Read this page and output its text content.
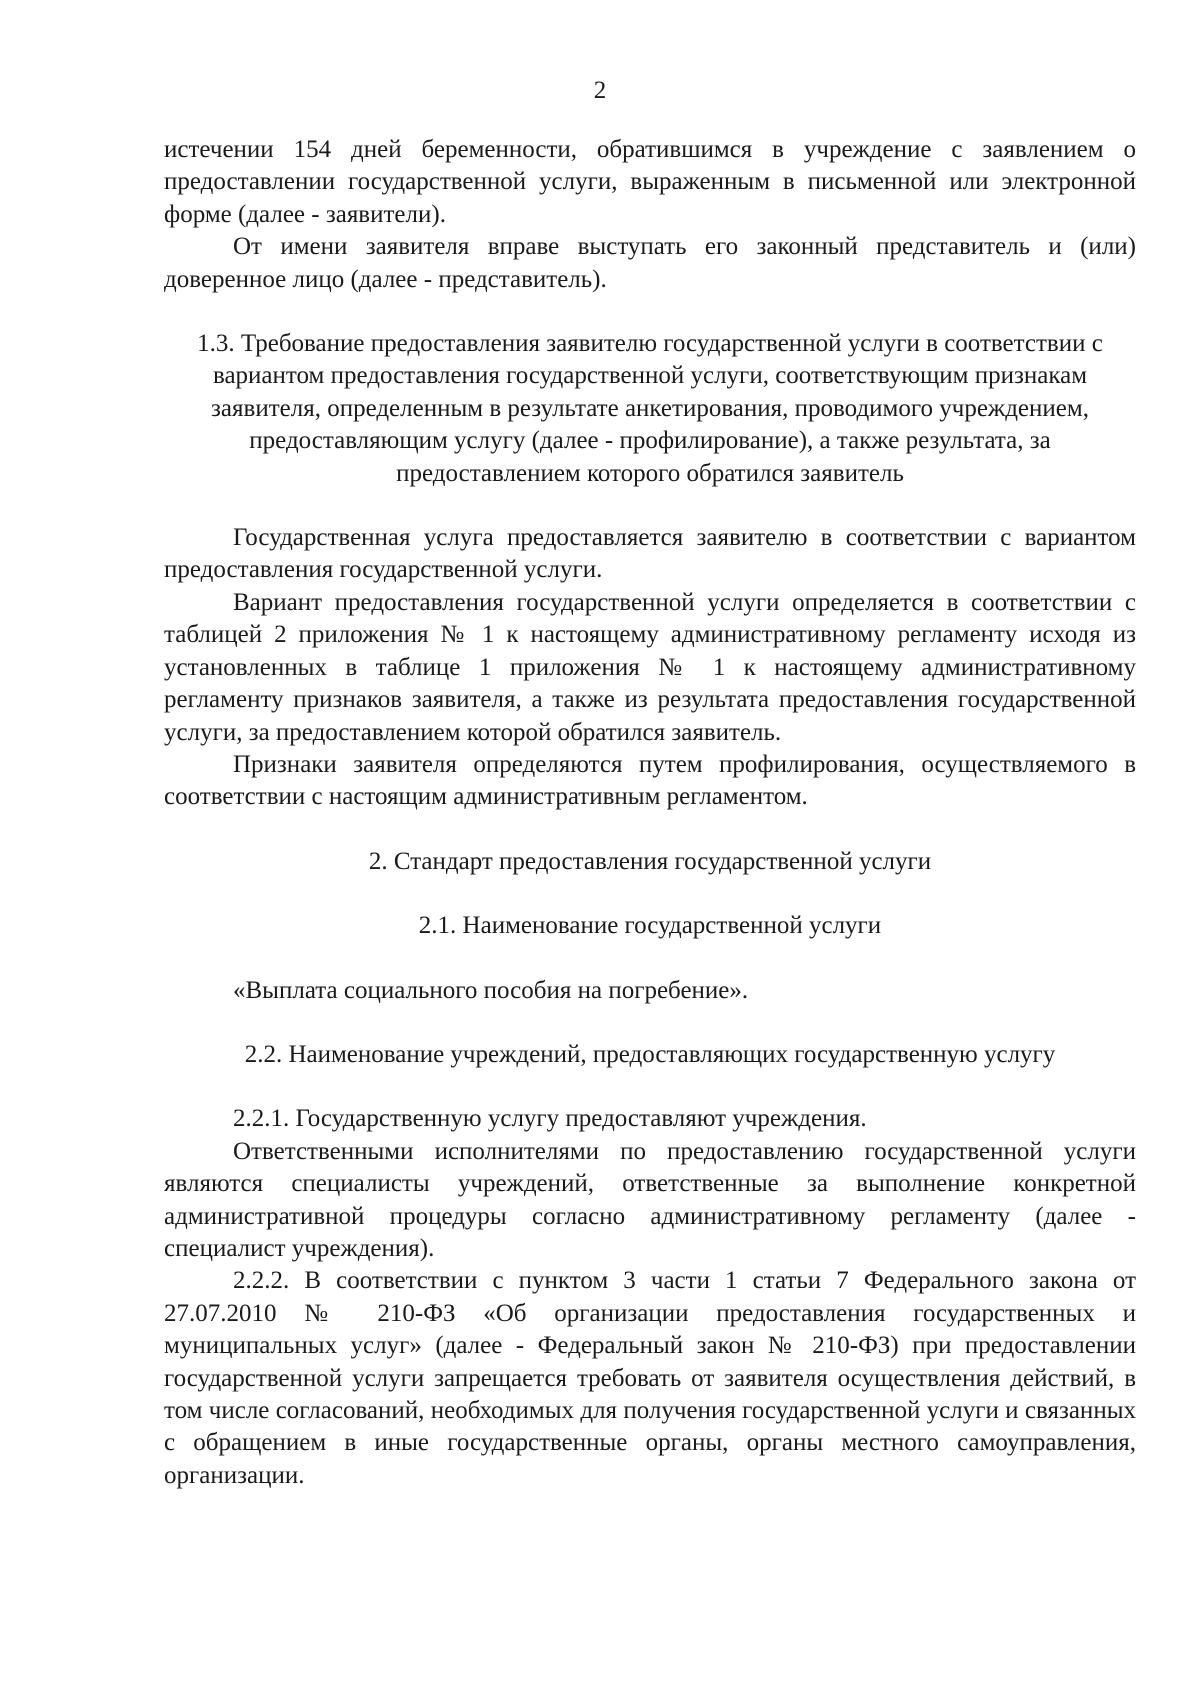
2

истечении 154 дней беременности, обратившимся в учреждение с заявлением о предоставлении государственной услуги, выраженным в письменной или электронной форме (далее - заявители).

От имени заявителя вправе выступать его законный представитель и (или) доверенное лицо (далее - представитель).

1.3. Требование предоставления заявителю государственной услуги в соответствии с вариантом предоставления государственной услуги, соответствующим признакам заявителя, определенным в результате анкетирования, проводимого учреждением, предоставляющим услугу (далее - профилирование), а также результата, за предоставлением которого обратился заявитель

Государственная услуга предоставляется заявителю в соответствии с вариантом предоставления государственной услуги.

Вариант предоставления государственной услуги определяется в соответствии с таблицей 2 приложения № 1 к настоящему административному регламенту исходя из установленных в таблице 1 приложения № 1 к настоящему административному регламенту признаков заявителя, а также из результата предоставления государственной услуги, за предоставлением которой обратился заявитель.

Признаки заявителя определяются путем профилирования, осуществляемого в соответствии с настоящим административным регламентом.

2. Стандарт предоставления государственной услуги

2.1. Наименование государственной услуги

«Выплата социального пособия на погребение».

2.2. Наименование учреждений, предоставляющих государственную услугу

2.2.1. Государственную услугу предоставляют учреждения.

Ответственными исполнителями по предоставлению государственной услуги являются специалисты учреждений, ответственные за выполнение конкретной административной процедуры согласно административному регламенту (далее - специалист учреждения).

2.2.2. В соответствии с пунктом 3 части 1 статьи 7 Федерального закона от 27.07.2010 № 210-ФЗ «Об организации предоставления государственных и муниципальных услуг» (далее - Федеральный закон № 210-ФЗ) при предоставлении государственной услуги запрещается требовать от заявителя осуществления действий, в том числе согласований, необходимых для получения государственной услуги и связанных с обращением в иные государственные органы, органы местного самоуправления, организации.
